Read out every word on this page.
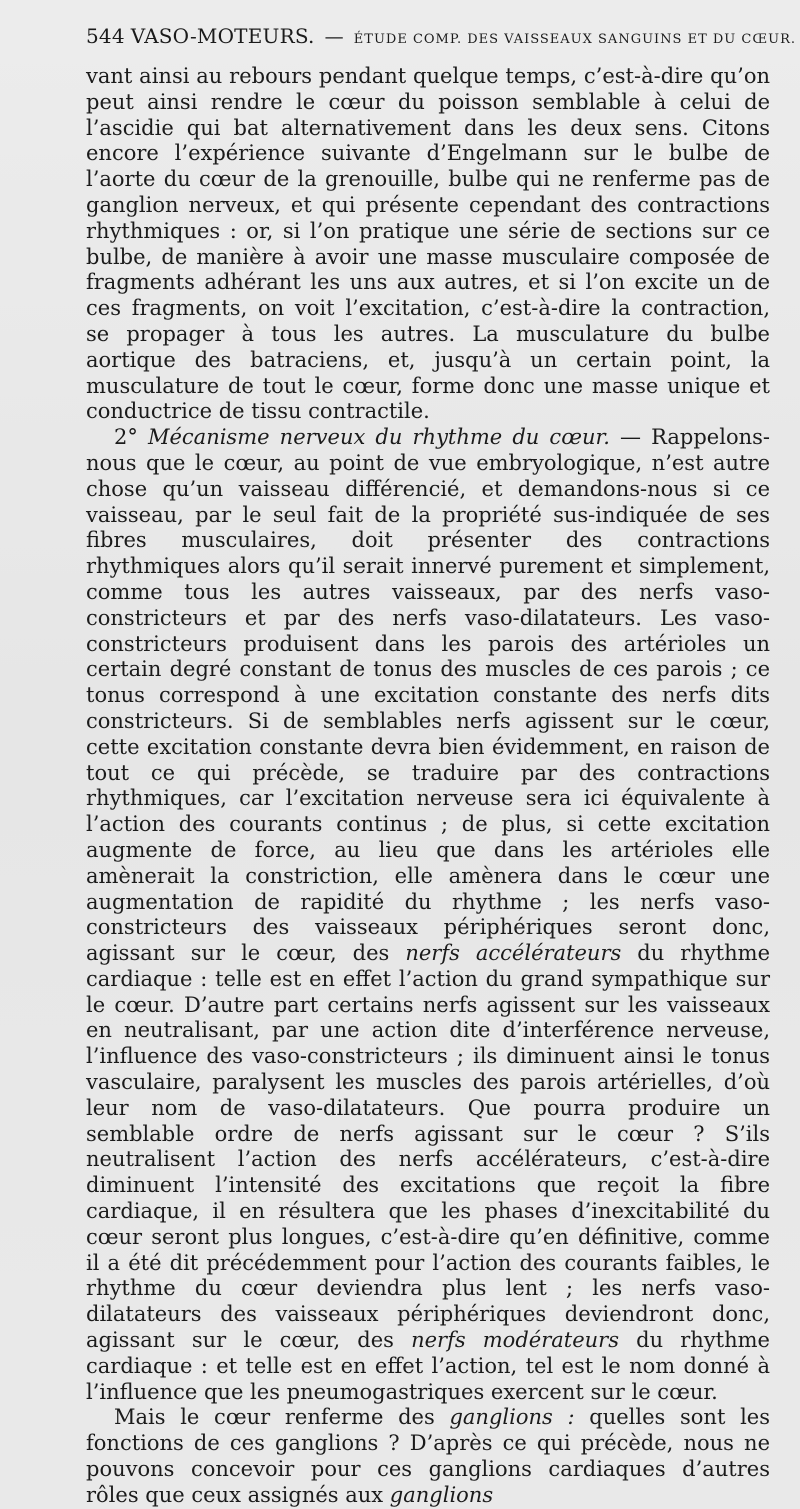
544 VASO-MOTEURS. — ÉTUDE COMP. DES VAISSEAUX SANGUINS ET DU CŒUR.

vant ainsi au rebours pendant quelque temps, c’est-à-dire qu’on peut ainsi rendre le cœur du poisson semblable à celui de l’ascidie qui bat alternativement dans les deux sens. Citons encore l’expérience suivante d’Engelmann sur le bulbe de l’aorte du cœur de la grenouille, bulbe qui ne renferme pas de ganglion nerveux, et qui présente cependant des contractions rhythmiques : or, si l’on pratique une série de sections sur ce bulbe, de manière à avoir une masse musculaire composée de fragments adhérant les uns aux autres, et si l’on excite un de ces fragments, on voit l’excitation, c’est-à-dire la contraction, se propager à tous les autres. La musculature du bulbe aortique des batraciens, et, jusqu’à un certain point, la musculature de tout le cœur, forme donc une masse unique et conductrice de tissu contractile.

2° Mécanisme nerveux du rhythme du cœur. — Rappelons-nous que le cœur, au point de vue embryologique, n’est autre chose qu’un vaisseau différencié, et demandons-nous si ce vaisseau, par le seul fait de la propriété sus-indiquée de ses fibres musculaires, doit présenter des contractions rhythmiques alors qu’il serait innervé purement et simplement, comme tous les autres vaisseaux, par des nerfs vaso-constricteurs et par des nerfs vaso-dilatateurs. Les vaso-constricteurs produisent dans les parois des artérioles un certain degré constant de tonus des muscles de ces parois ; ce tonus correspond à une excitation constante des nerfs dits constricteurs. Si de semblables nerfs agissent sur le cœur, cette excitation constante devra bien évidemment, en raison de tout ce qui précède, se traduire par des contractions rhythmiques, car l’excitation nerveuse sera ici équivalente à l’action des courants continus ; de plus, si cette excitation augmente de force, au lieu que dans les artérioles elle amènerait la constriction, elle amènera dans le cœur une augmentation de rapidité du rhythme ; les nerfs vaso-constricteurs des vaisseaux périphériques seront donc, agissant sur le cœur, des nerfs accélérateurs du rhythme cardiaque : telle est en effet l’action du grand sympathique sur le cœur. D’autre part certains nerfs agissent sur les vaisseaux en neutralisant, par une action dite d’interférence nerveuse, l’influence des vaso-constricteurs ; ils diminuent ainsi le tonus vasculaire, paralysent les muscles des parois artérielles, d’où leur nom de vaso-dilatateurs. Que pourra produire un semblable ordre de nerfs agissant sur le cœur ? S’ils neutralisent l’action des nerfs accélérateurs, c’est-à-dire diminuent l’intensité des excitations que reçoit la fibre cardiaque, il en résultera que les phases d’inexcitabilité du cœur seront plus longues, c’est-à-dire qu’en définitive, comme il a été dit précédemment pour l’action des courants faibles, le rhythme du cœur deviendra plus lent ; les nerfs vaso-dilatateurs des vaisseaux périphériques deviendront donc, agissant sur le cœur, des nerfs modérateurs du rhythme cardiaque : et telle est en effet l’action, tel est le nom donné à l’influence que les pneumogastriques exercent sur le cœur.

Mais le cœur renferme des ganglions : quelles sont les fonctions de ces ganglions ? D’après ce qui précède, nous ne pouvons concevoir pour ces ganglions cardiaques d’autres rôles que ceux assignés aux ganglions
